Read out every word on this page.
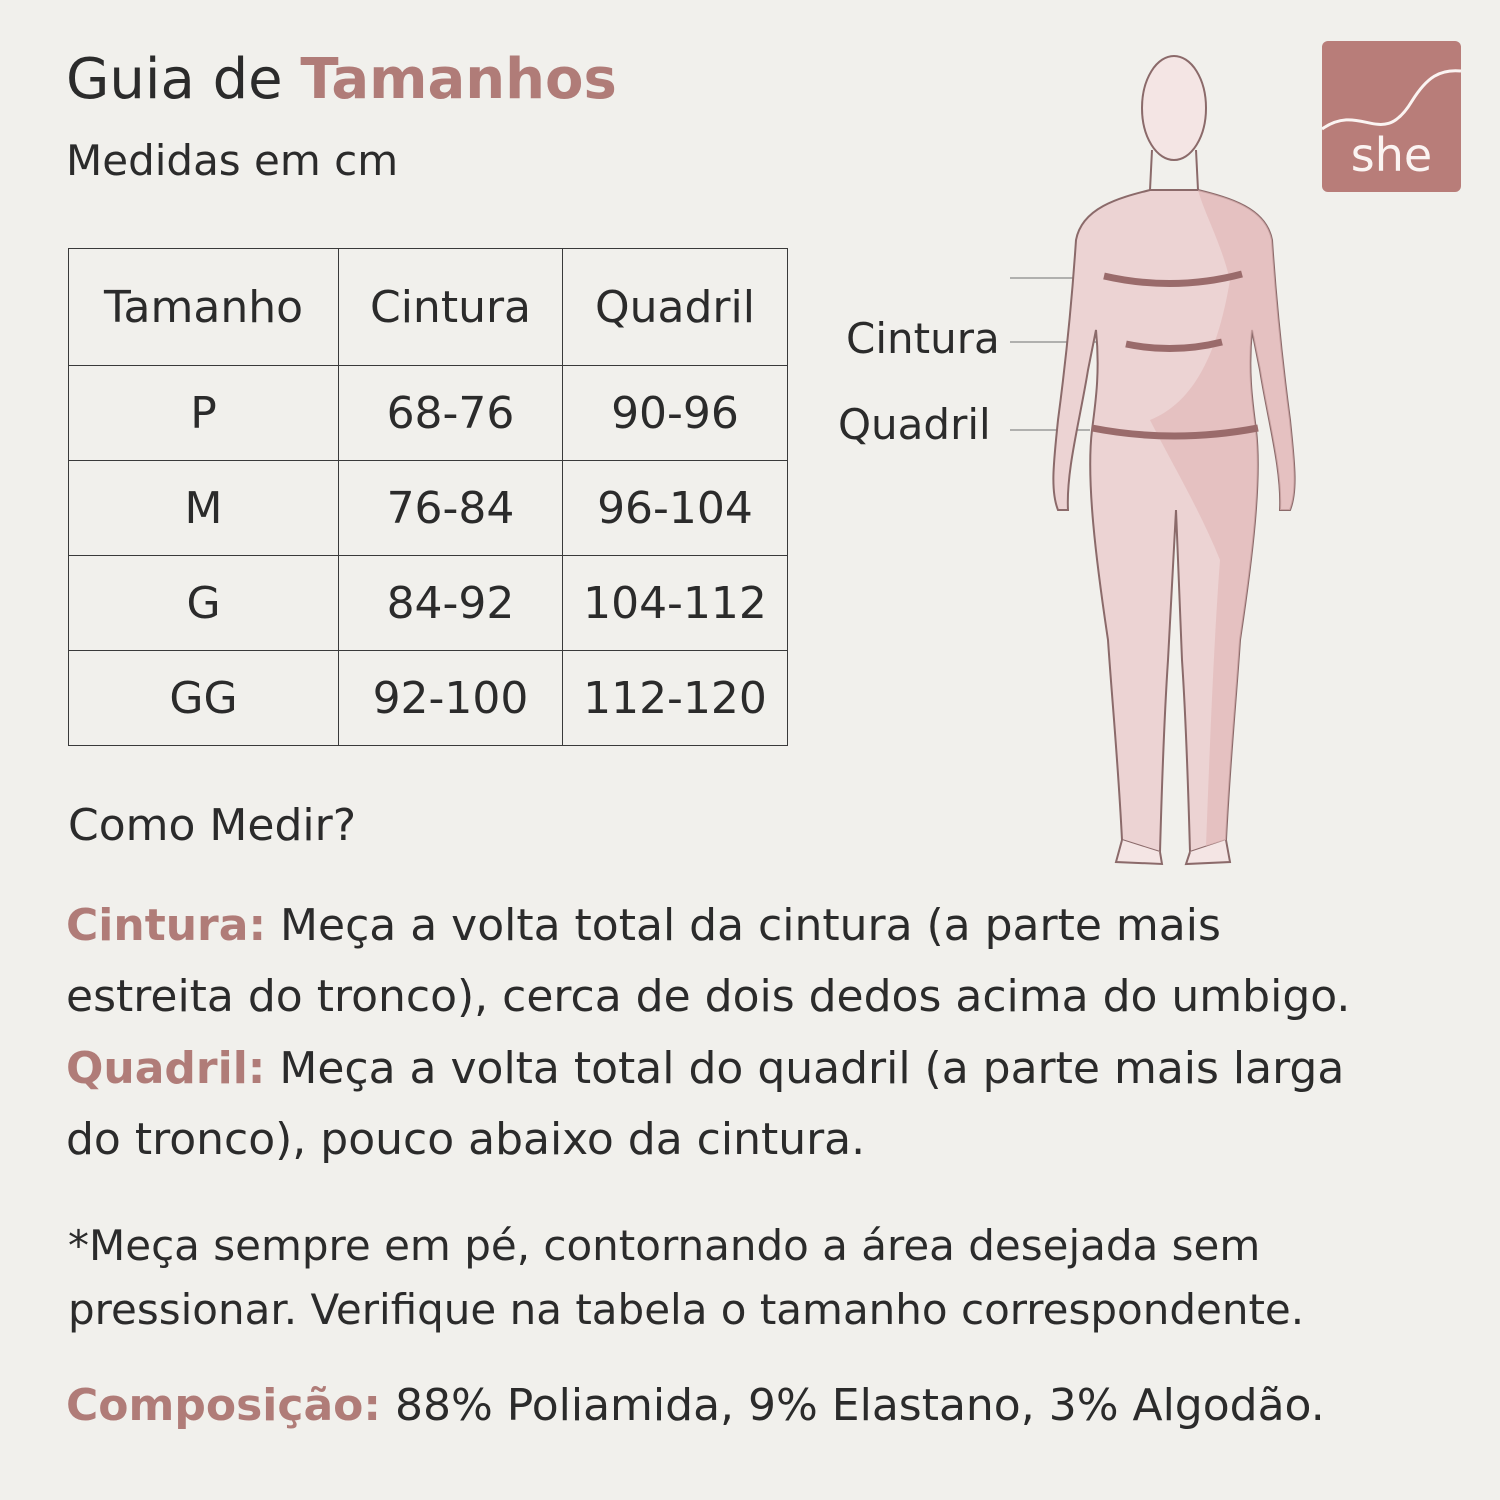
Guia de Tamanhos
Medidas em cm
Tamanho	Cintura	Quadril
P	68-76	90-96
M	76-84	96-104
G	84-92	104-112
GG	92-100	112-120
Cintura
Quadril
she
Como Medir?
Cintura: Meça a volta total da cintura (a parte mais estreita do tronco), cerca de dois dedos acima do umbigo.
Quadril: Meça a volta total do quadril (a parte mais larga do tronco), pouco abaixo da cintura.
*Meça sempre em pé, contornando a área desejada sem pressionar. Verifique na tabela o tamanho correspondente.
Composição: 88% Poliamida, 9% Elastano, 3% Algodão.
